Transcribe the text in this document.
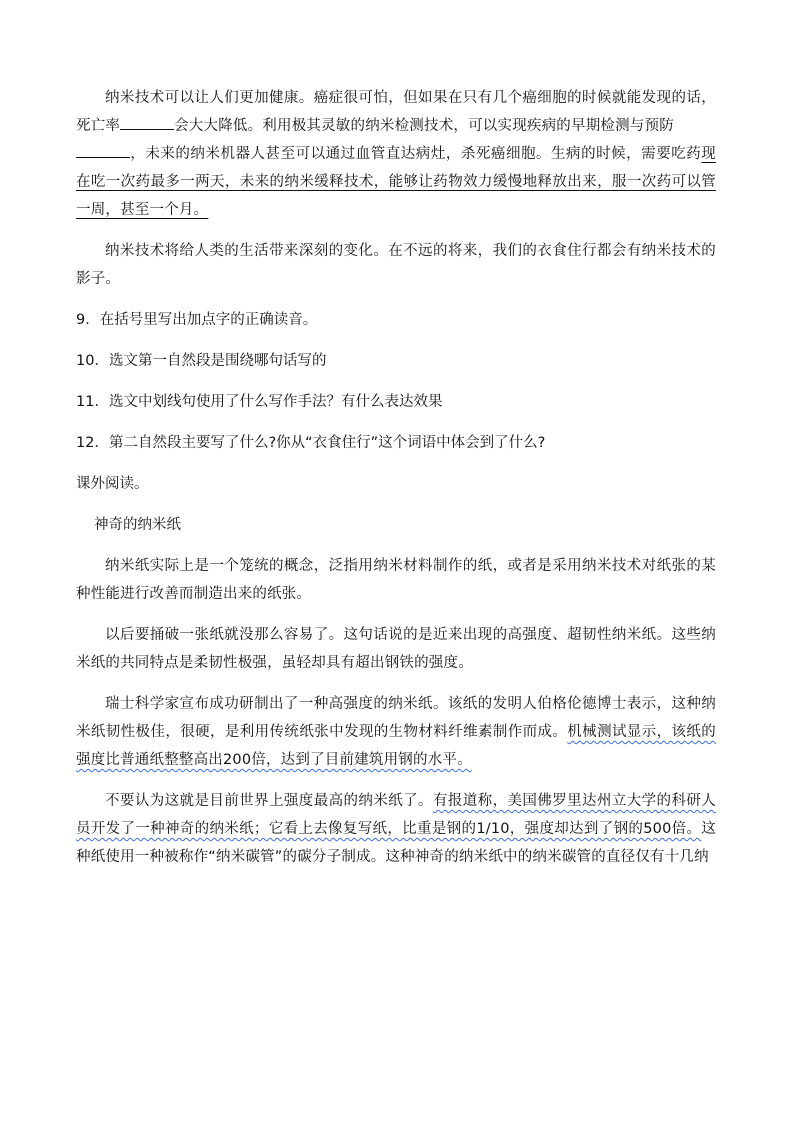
纳米技术可以让人们更加健康。癌症很可怕，但如果在只有几个癌细胞的时候就能发现的话，死亡率	会大大降低。利用极其灵敏的纳米检测技术，可以实现疾病的早期检测与预防
，未来的纳米机器人甚至可以通过血管直达病灶，杀死癌细胞。生病的时候，需要吃药现在吃一次药最多一两天，未来的纳米缓释技术，能够让药物效力缓慢地释放出来，服一次药可以管一周，甚至一个月。

纳米技术将给人类的生活带来深刻的变化。在不远的将来，我们的衣食住行都会有纳米技术的影子。

9．在括号里写出加点字的正确读音。

10．选文第一自然段是围绕哪句话写的

11．选文中划线句使用了什么写作手法？有什么表达效果

12．第二自然段主要写了什么?你从“衣食住行”这个词语中体会到了什么?

课外阅读。

神奇的纳米纸

纳米纸实际上是一个笼统的概念，泛指用纳米材料制作的纸，或者是采用纳米技术对纸张的某种性能进行改善而制造出来的纸张。

以后要捅破一张纸就没那么容易了。这句话说的是近来出现的高强度、超韧性纳米纸。这些纳米纸的共同特点是柔韧性极强，虽轻却具有超出钢铁的强度。

瑞士科学家宣布成功研制出了一种高强度的纳米纸。该纸的发明人伯格伦德博士表示，这种纳米纸韧性极佳，很硬，是利用传统纸张中发现的生物材料纤维素制作而成。机械测试显示，该纸的强度比普通纸整整高出200倍，达到了目前建筑用钢的水平。

不要认为这就是目前世界上强度最高的纳米纸了。有报道称，美国佛罗里达州立大学的科研人员开发了一种神奇的纳米纸；它看上去像复写纸，比重是钢的1/10，强度却达到了钢的500倍。这种纸使用一种被称作“纳米碳管”的碳分子制成。这种神奇的纳米纸中的纳米碳管的直径仅有十几纳
